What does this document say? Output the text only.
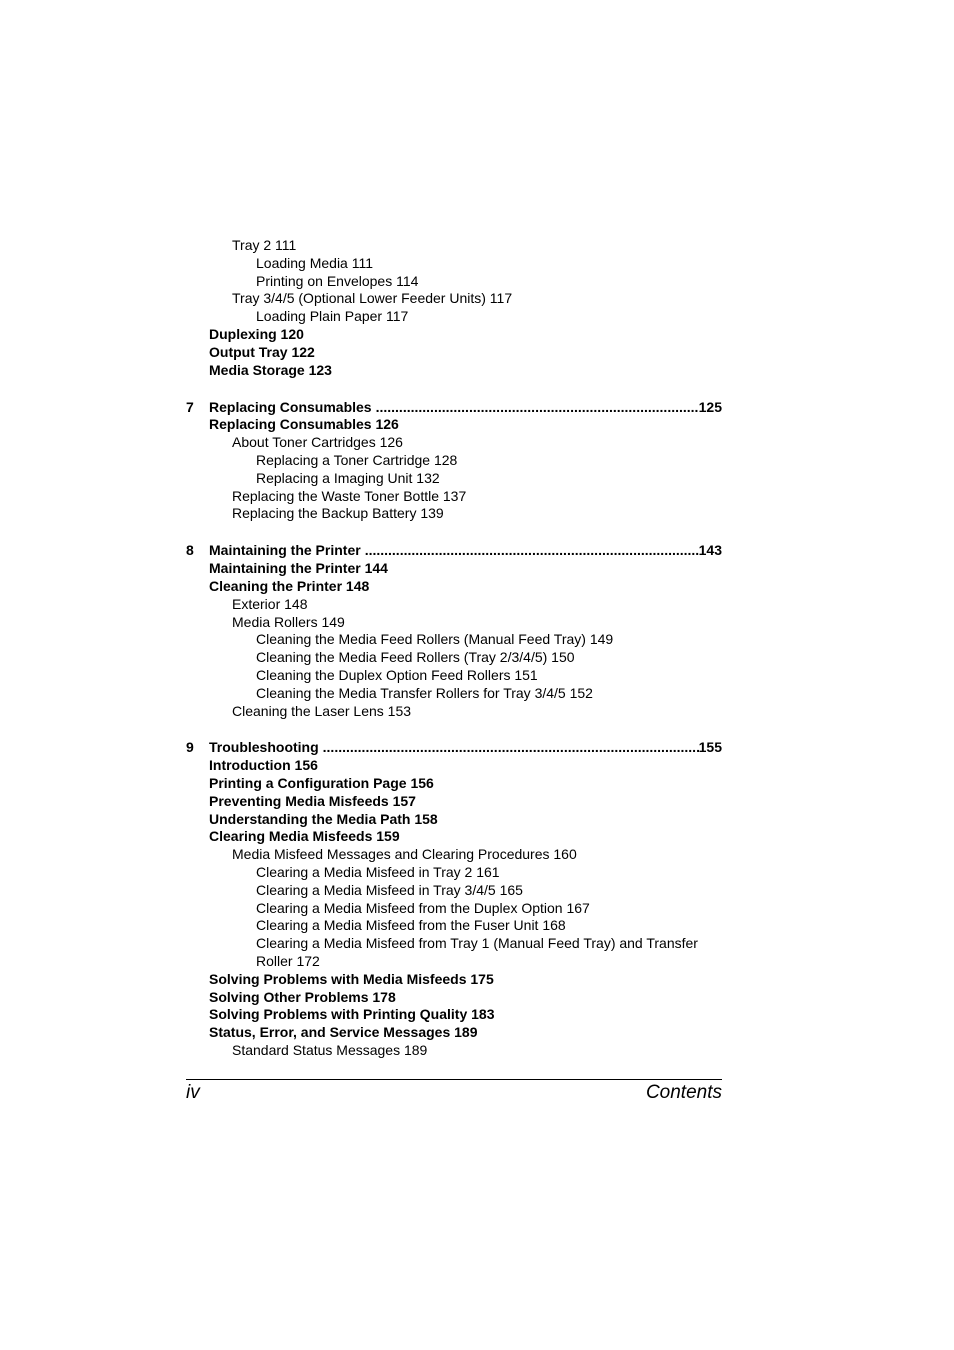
Tray 2 111
Loading Media 111
Printing on Envelopes 114
Tray 3/4/5 (Optional Lower Feeder Units) 117
Loading Plain Paper 117
Duplexing 120
Output Tray 122
Media Storage 123
7	Replacing Consumables .....	125
Replacing Consumables 126
About Toner Cartridges 126
Replacing a Toner Cartridge 128
Replacing a Imaging Unit 132
Replacing the Waste Toner Bottle 137
Replacing the Backup Battery 139
8	Maintaining the Printer .....	143
Maintaining the Printer 144
Cleaning the Printer 148
Exterior 148
Media Rollers 149
Cleaning the Media Feed Rollers (Manual Feed Tray) 149
Cleaning the Media Feed Rollers (Tray 2/3/4/5) 150
Cleaning the Duplex Option Feed Rollers 151
Cleaning the Media Transfer Rollers for Tray 3/4/5 152
Cleaning the Laser Lens 153
9	Troubleshooting .....	155
Introduction 156
Printing a Configuration Page 156
Preventing Media Misfeeds 157
Understanding the Media Path 158
Clearing Media Misfeeds 159
Media Misfeed Messages and Clearing Procedures 160
Clearing a Media Misfeed in Tray 2 161
Clearing a Media Misfeed in Tray 3/4/5 165
Clearing a Media Misfeed from the Duplex Option 167
Clearing a Media Misfeed from the Fuser Unit 168
Clearing a Media Misfeed from Tray 1 (Manual Feed Tray) and Transfer
Roller 172
Solving Problems with Media Misfeeds 175
Solving Other Problems 178
Solving Problems with Printing Quality 183
Status, Error, and Service Messages 189
Standard Status Messages 189
iv	Contents
